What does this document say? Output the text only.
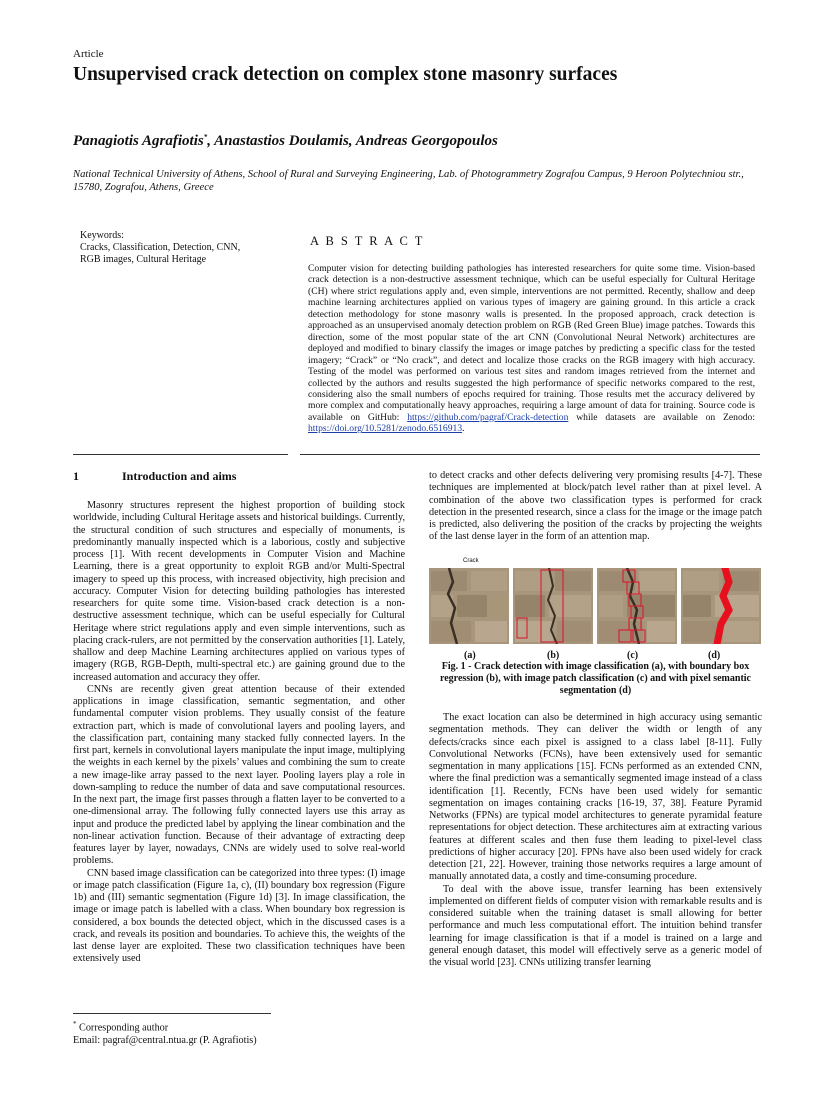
Article
Unsupervised crack detection on complex stone masonry surfaces
Panagiotis Agrafiotis*, Anastastios Doulamis, Andreas Georgopoulos
National Technical University of Athens, School of Rural and Surveying Engineering, Lab. of Photogrammetry Zografou Campus, 9 Heroon Polytechniou str., 15780, Zografou, Athens, Greece
Keywords:
Cracks, Classification, Detection, CNN,
RGB images, Cultural Heritage
A B S T R A C T
Computer vision for detecting building pathologies has interested researchers for quite some time. Vision-based crack detection is a non-destructive assessment technique, which can be useful especially for Cultural Heritage (CH) where strict regulations apply and, even simple, interventions are not permitted. Recently, shallow and deep machine learning architectures applied on various types of imagery are gaining ground. In this article a crack detection methodology for stone masonry walls is presented. In the proposed approach, crack detection is approached as an unsupervised anomaly detection problem on RGB (Red Green Blue) image patches. Towards this direction, some of the most popular state of the art CNN (Convolutional Neural Network) architectures are deployed and modified to binary classify the images or image patches by predicting a specific class for the tested imagery; “Crack” or “No crack”, and detect and localize those cracks on the RGB imagery with high accuracy. Testing of the model was performed on various test sites and random images retrieved from the internet and collected by the authors and results suggested the high performance of specific networks compared to the rest, considering also the small numbers of epochs required for training. Those results met the accuracy delivered by more complex and computationally heavy approaches, requiring a large amount of data for training. Source code is available on GitHub: https://github.com/pagraf/Crack-detection while datasets are available on Zenodo: https://doi.org/10.5281/zenodo.6516913.
1	Introduction and aims

Masonry structures represent the highest proportion of building stock worldwide, including Cultural Heritage assets and historical buildings. Currently, the structural condition of such structures and especially of monuments, is predominantly manually inspected which is a laborious, costly and subjective process [1]. With recent developments in Computer Vision and Machine Learning, there is a great opportunity to exploit RGB and/or Multi-Spectral imagery to speed up this process, with increased objectivity, high precision and accuracy. Computer Vision for detecting building pathologies has interested researchers for quite some time. Vision-based crack detection is a non-destructive assessment technique, which can be useful especially for Cultural Heritage where strict regulations apply and even simple interventions, such as placing crack-rulers, are not permitted by the conservation authorities [1]. Lately, shallow and deep Machine Learning architectures applied on various types of imagery (RGB, RGB-Depth, multi-spectral etc.) are gaining ground due to the increased automation and accuracy they offer.

CNNs are recently given great attention because of their extended applications in image classification, semantic segmentation, and other fundamental computer vision problems. They usually consist of the feature extraction part, which is made of convolutional layers and pooling layers, and the classification part, containing many stacked fully connected layers. In the first part, kernels in convolutional layers manipulate the input image, multiplying the weights in each kernel by the pixels’ values and combining the sum to create a new image-like array passed to the next layer. Pooling layers play a role in down-sampling to reduce the number of data and save computational resources. In the next part, the image first passes through a flatten layer to be converted to a one-dimensional array. The following fully connected layers use this array as input and produce the predicted label by applying the linear combination and the non-linear activation function. Because of their advantage of extracting deep features layer by layer, nowadays, CNNs are widely used to solve real-world problems.

CNN based image classification can be categorized into three types: (I) image or image patch classification (Figure 1a, c), (II) boundary box regression (Figure 1b) and (III) semantic segmentation (Figure 1d) [3]. In image classification, the image or image patch is labelled with a class. When boundary box regression is considered, a box bounds the detected object, which in the discussed cases is a crack, and reveals its position and boundaries. To achieve this, the weights of the last dense layer are exploited. These two classification techniques have been extensively used

to detect cracks and other defects delivering very promising results [4-7]. These techniques are implemented at block/patch level rather than at pixel level. A combination of the above two classification types is performed for crack detection in the presented research, since a class for the image or the image patch is predicted, also delivering the position of the cracks by projecting the weights of the last dense layer in the form of an attention map.

Crack
(a)	(b)	(c)	(d)
Fig. 1 - Crack detection with image classification (a), with boundary box regression (b), with image patch classification (c) and with pixel semantic segmentation (d)

The exact location can also be determined in high accuracy using semantic segmentation methods. They can deliver the width or length of any defects/cracks since each pixel is assigned to a class label [8-11]. Fully Convolutional Networks (FCNs), have been extensively used for semantic segmentation in many applications [15]. FCNs performed as an extended CNN, where the final prediction was a semantically segmented image instead of a class identification [1]. Recently, FCNs have been used widely for semantic segmentation on images containing cracks [16-19, 37, 38]. Feature Pyramid Networks (FPNs) are typical model architectures to generate pyramidal feature representations for object detection. These architectures aim at extracting various features at different scales and then fuse them leading to pixel-level class predictions of higher accuracy [20]. FPNs have also been used widely for crack detection [21, 22]. However, training those networks requires a large amount of manually annotated data, a costly and time-consuming procedure.

To deal with the above issue, transfer learning has been extensively implemented on different fields of computer vision with remarkable results and is considered suitable when the training dataset is small allowing for better performance and much less computational effort. The intuition behind transfer learning for image classification is that if a model is trained on a large and general enough dataset, this model will effectively serve as a generic model of the visual world [23]. CNNs utilizing transfer learning

* Corresponding author
Email: pagraf@central.ntua.gr (P. Agrafiotis)
